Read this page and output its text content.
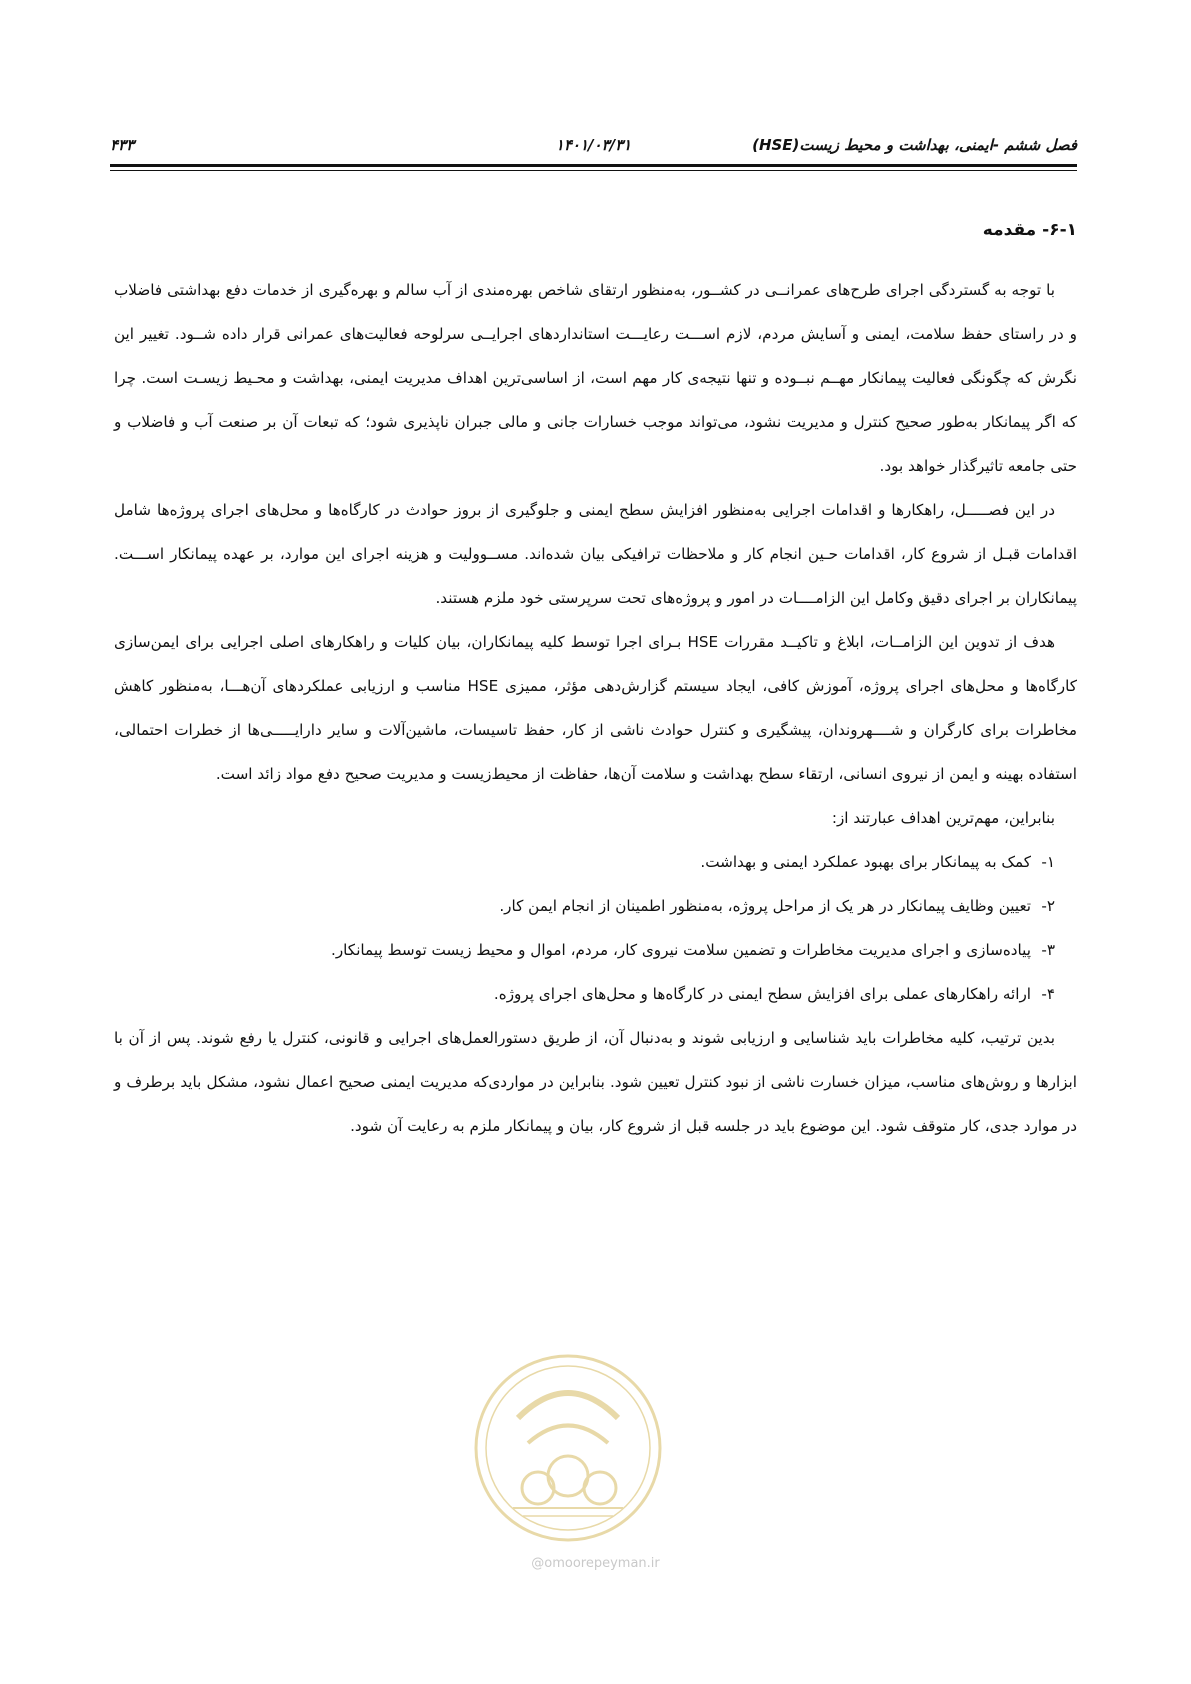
فصل ششم -ایمنی، بهداشت و محیط زیست(HSE)
۱۴۰۱/۰۳/۳۱
۴۳۳
۶-۱- مقدمه

با توجه به گستردگی اجرای طرح‌های عمرانــی در کشــور، به‌منظور ارتقای شاخص بهره‌مندی از آب سالم و بهره‌گیری از خدمات دفع بهداشتی فاضلاب و در راستای حفظ سلامت، ایمنی و آسایش مردم، لازم اســـت رعایـــت استانداردهای اجرایــی سرلوحه فعالیت‌های عمرانی قرار داده شــود. تغییر این نگرش که چگونگی فعالیت پیمانکار مهــم نبــوده و تنها نتیجه‌ی کار مهم است، از اساسی‌ترین اهداف مدیریت ایمنی، بهداشت و محـیط زیسـت است. چرا که اگر پیمانکار به‌طور صحیح کنترل و مدیریت نشود، می‌تواند موجب خسارات جانی و مالی جبران ناپذیری شود؛ که تبعات آن بر صنعت آب و فاضلاب و حتی جامعه تاثیرگذار خواهد بود.

در این فصـــــل، راهکارها و اقدامات اجرایی به‌منظور افزایش سطح ایمنی و جلوگیری از بروز حوادث در کارگاه‌ها و محل‌های اجرای پروژه‌ها شامل اقدامات قبـل از شروع کار، اقدامات حـین انجام کار و ملاحظات ترافیکی بیان شده‌اند. مســوولیت و هزینه اجرای این موارد، بر عهده پیمانکار اســـت. پیمانکاران بر اجرای دقیق وکامل این الزامــــات در امور و پروژه‌های تحت سرپرستی خود ملزم هستند.

هدف از تدوین این الزامــات، ابلاغ و تاکیــد مقررات HSE بـرای اجرا توسط کلیه پیمانکاران، بیان کلیات و راهکارهای اصلی اجرایی برای ایمن‌سازی کارگاه‌ها و محل‌های اجرای پروژه، آموزش کافی، ایجاد سیستم گزارش‌دهی مؤثر، ممیزی HSE مناسب و ارزیابی عملکردهای آن‌هـــا، به‌منظور کاهش مخاطرات برای کارگران و شــــهروندان، پیشگیری و کنترل حوادث ناشی از کار، حفظ تاسیسات، ماشین‌آلات و سایر دارایـــــی‌ها از خطرات احتمالی، استفاده بهینه و ایمن از نیروی انسانی، ارتقاء سطح بهداشت و سلامت آن‌ها، حفاظت از محیط‌زیست و مدیریت صحیح دفع مواد زائد است.

بنابراین، مهم‌ترین اهداف عبارتند از:

۱-
کمک به پیمانکار برای بهبود عملکرد ایمنی و بهداشت.
۲-
تعیین وظایف پیمانکار در هر یک از مراحل پروژه، به‌منظور اطمینان از انجام ایمن کار.
۳-
پیاده‌سازی و اجرای مدیریت مخاطرات و تضمین سلامت نیروی کار، مردم، اموال و محیط زیست توسط پیمانکار.
۴-
ارائه راهکارهای عملی برای افزایش سطح ایمنی در کارگاه‌ها و محل‌های اجرای پروژه.

بدین ترتیب، کلیه مخاطرات باید شناسایی و ارزیابی شوند و به‌دنبال آن، از طریق دستورالعمل‌های اجرایی و قانونی، کنترل یا رفع شوند. پس از آن با ابزارها و روش‌های مناسب، میزان خسارت ناشی از نبود کنترل تعیین شود. بنابراین در مواردی‌که مدیریت ایمنی صحیح اعمال نشود، مشکل باید برطرف و در موارد جدی، کار متوقف شود. این موضوع باید در جلسه قبل از شروع کار، بیان و پیمانکار ملزم به رعایت آن شود.

@omoorepeyman.ir
